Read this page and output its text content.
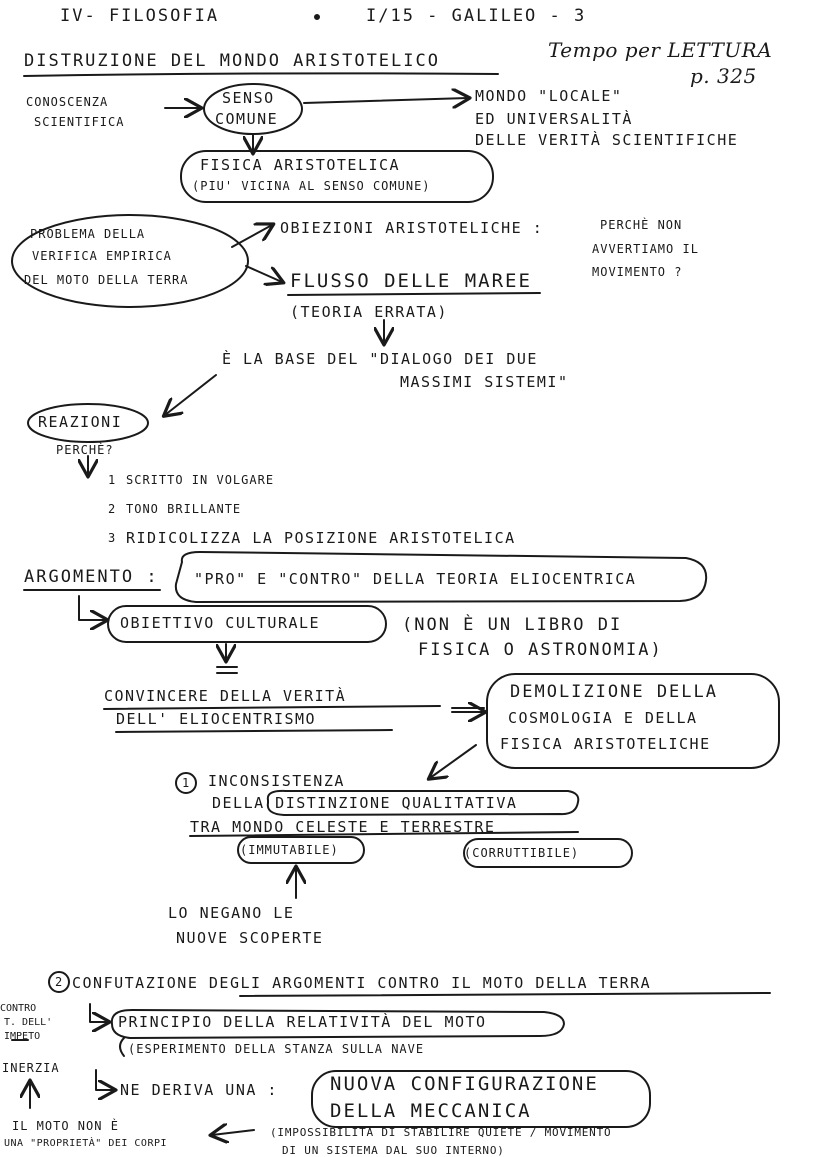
IV- FILOSOFIA	I/15 - GALILEO - 3
Tempo per LETTURA
p. 325
DISTRUZIONE DEL MONDO ARISTOTELICO
CONOSCENZA
SCIENTIFICA
SENSO
COMUNE
MONDO "LOCALE"
ED UNIVERSALITÀ
DELLE VERITÀ SCIENTIFICHE
FISICA ARISTOTELICA
(PIU' VICINA AL SENSO COMUNE)
PROBLEMA DELLA
VERIFICA EMPIRICA
DEL MOTO DELLA TERRA
OBIEZIONI ARISTOTELICHE :	PERCHÈ NON
AVVERTIAMO IL
MOVIMENTO ?
FLUSSO DELLE MAREE
(TEORIA ERRATA)
È LA BASE DEL "DIALOGO DEI DUE
MASSIMI SISTEMI"
REAZIONI
PERCHÈ?
1 SCRITTO IN VOLGARE
2 TONO BRILLANTE
3 RIDICOLIZZA LA POSIZIONE ARISTOTELICA
ARGOMENTO : "PRO" E "CONTRO" DELLA TEORIA ELIOCENTRICA
OBIETTIVO CULTURALE	(NON È UN LIBRO DI
FISICA O ASTRONOMIA)
CONVINCERE DELLA VERITÀ
DELL' ELIOCENTRISMO
DEMOLIZIONE DELLA
COSMOLOGIA E DELLA
FISICA ARISTOTELICHE
1 INCONSISTENZA
DELLA DISTINZIONE QUALITATIVA
TRA MONDO CELESTE E TERRESTRE
(IMMUTABILE)	(CORRUTTIBILE)
LO NEGANO LE
NUOVE SCOPERTE
2 CONFUTAZIONE DEGLI ARGOMENTI CONTRO IL MOTO DELLA TERRA
CONTRO
T. DELL'
IMPETO
INERZIA
PRINCIPIO DELLA RELATIVITÀ DEL MOTO
(ESPERIMENTO DELLA STANZA SULLA NAVE
NE DERIVA UNA :	NUOVA CONFIGURAZIONE
DELLA MECCANICA
IL MOTO NON È
UNA "PROPRIETÀ" DEI CORPI
(IMPOSSIBILITÀ DI STABILIRE QUIETE / MOVIMENTO
DI UN SISTEMA DAL SUO INTERNO)
